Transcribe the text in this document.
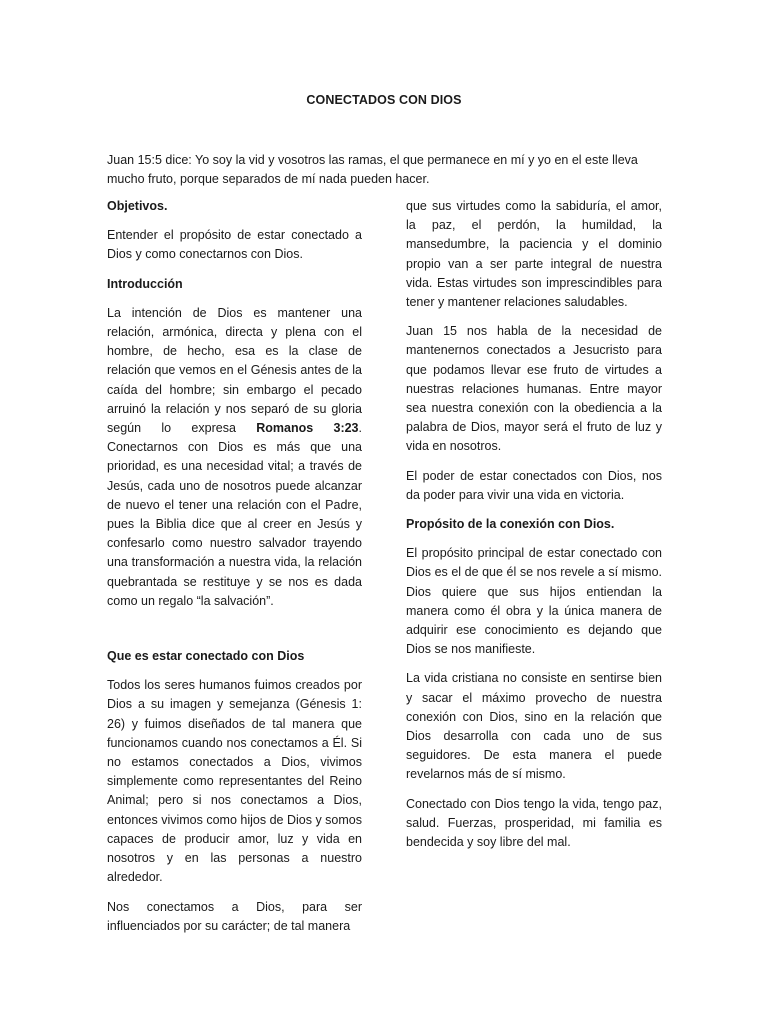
CONECTADOS CON DIOS
Juan 15:5 dice: Yo soy la vid y vosotros las ramas, el que permanece en mí y yo en el este lleva mucho fruto, porque separados de mí nada pueden hacer.
Objetivos.

Entender el propósito de estar conectado a Dios y como conectarnos con Dios.

Introducción

La intención de Dios es mantener una relación, armónica, directa y plena con el hombre, de hecho, esa es la clase de relación que vemos en el Génesis antes de la caída del hombre; sin embargo el pecado arruinó la relación y nos separó de su gloria según lo expresa Romanos 3:23. Conectarnos con Dios es más que una prioridad, es una necesidad vital; a través de Jesús, cada uno de nosotros puede alcanzar de nuevo el tener una relación con el Padre, pues la Biblia dice que al creer en Jesús y confesarlo como nuestro salvador trayendo una transformación a nuestra vida, la relación quebrantada se restituye y se nos es dada como un regalo “la salvación”.

Que es estar conectado con Dios

Todos los seres humanos fuimos creados por Dios a su imagen y semejanza (Génesis 1: 26) y fuimos diseñados de tal manera que funcionamos cuando nos conectamos a Él. Si no estamos conectados a Dios, vivimos simplemente como representantes del Reino Animal; pero si nos conectamos a Dios, entonces vivimos como hijos de Dios y somos capaces de producir amor, luz y vida en nosotros y en las personas a nuestro alrededor.

Nos conectamos a Dios, para ser influenciados por su carácter; de tal manera

que sus virtudes como la sabiduría, el amor, la paz, el perdón, la humildad, la mansedumbre, la paciencia y el dominio propio van a ser parte integral de nuestra vida. Estas virtudes son imprescindibles para tener y mantener relaciones saludables.

Juan 15 nos habla de la necesidad de mantenernos conectados a Jesucristo para que podamos llevar ese fruto de virtudes a nuestras relaciones humanas. Entre mayor sea nuestra conexión con la obediencia a la palabra de Dios, mayor será el fruto de luz y vida en nosotros.

El poder de estar conectados con Dios, nos da poder para vivir una vida en victoria.

Propósito de la conexión con Dios.

El propósito principal de estar conectado con Dios es el de que él se nos revele a sí mismo. Dios quiere que sus hijos entiendan la manera como él obra y la única manera de adquirir ese conocimiento es dejando que Dios se nos manifieste.

La vida cristiana no consiste en sentirse bien y sacar el máximo provecho de nuestra conexión con Dios, sino en la relación que Dios desarrolla con cada uno de sus seguidores. De esta manera el puede revelarnos más de sí mismo.

Conectado con Dios tengo la vida, tengo paz, salud. Fuerzas, prosperidad, mi familia es bendecida y soy libre del mal.
